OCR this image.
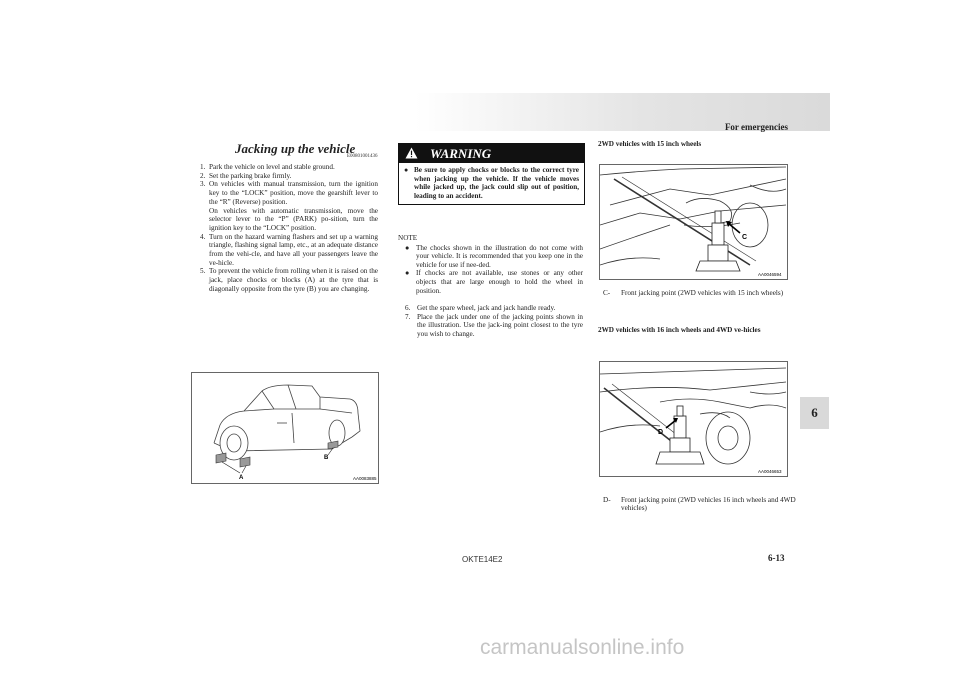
For emergencies
6
Jacking up the vehicle
E00801001436

1. Park the vehicle on level and stable ground.

2. Set the parking brake firmly.

3. On vehicles with manual transmission, turn the ignition key to the “LOCK” position, move the gearshift lever to the “R” (Reverse) position.
On vehicles with automatic transmission, move the selector lever to the “P” (PARK) po-sition, turn the ignition key to the “LOCK” position.

4. Turn on the hazard warning flashers and set up a warning triangle, flashing signal lamp, etc., at an adequate distance from the vehi-cle, and have all your passengers leave the ve-hicle.

5. To prevent the vehicle from rolling when it is raised on the jack, place chocks or blocks (A) at the tyre that is diagonally opposite from the tyre (B) you are changing.

A
B
AA0083885
WARNING
● Be sure to apply chocks or blocks to the correct tyre when jacking up the vehicle. If the vehicle moves while jacked up, the jack could slip out of position, leading to an accident.

NOTE

● The chocks shown in the illustration do not come with your vehicle. It is recommended that you keep one in the vehicle for use if nee-ded.

● If chocks are not available, use stones or any other objects that are large enough to hold the wheel in position.

6. Get the spare wheel, jack and jack handle ready.

7. Place the jack under one of the jacking points shown in the illustration. Use the jack-ing point closest to the tyre you wish to change.

2WD vehicles with 15 inch wheels
C
AA0046594
C- Front jacking point (2WD vehicles with 15 inch wheels)
2WD vehicles with 16 inch wheels and 4WD ve-hicles
D
AA0046653
D- Front jacking point (2WD vehicles 16 inch wheels and 4WD vehicles)
OKTE14E2	6-13
carmanualsonline.info
